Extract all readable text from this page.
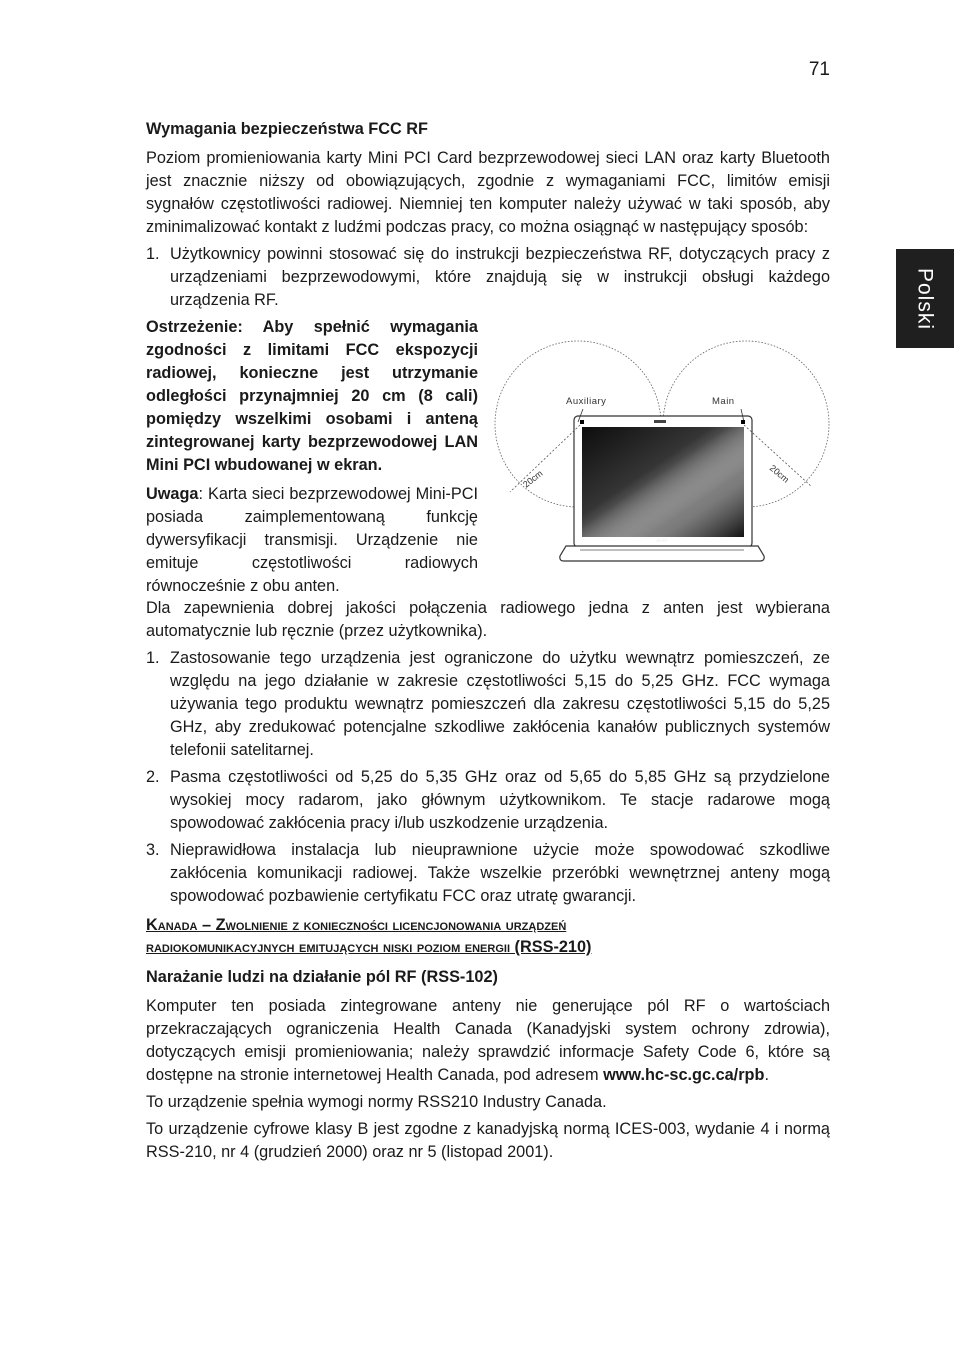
71
Polski

Wymagania bezpieczeństwa FCC RF

Poziom promieniowania karty Mini PCI Card bezprzewodowej sieci LAN oraz karty Bluetooth jest znacznie niższy od obowiązujących, zgodnie z wymaganiami FCC, limitów emisji sygnałów częstotliwości radiowej. Niemniej ten komputer należy używać w taki sposób, aby zminimalizować kontakt z ludźmi podczas pracy, co można osiągnąć w następujący sposób:

1. Użytkownicy powinni stosować się do instrukcji bezpieczeństwa RF, dotyczących pracy z urządzeniami bezprzewodowymi, które znajdują się w instrukcji obsługi każdego urządzenia RF.

Ostrzeżenie: Aby spełnić wymagania zgodności z limitami FCC ekspozycji radiowej, konieczne jest utrzymanie odległości przynajmniej 20 cm (8 cali) pomiędzy wszelkimi osobami i anteną zintegrowanej karty bezprzewodowej LAN Mini PCI wbudowanej w ekran.

Uwaga: Karta sieci bezprzewodowej Mini-PCI posiada zaimplementowaną funkcję dywersyfikacji transmisji. Urządzenie nie emituje częstotliwości radiowych równocześnie z obu anten.

acer
Auxiliary	Main
20cm	20cm

Dla zapewnienia dobrej jakości połączenia radiowego jedna z anten jest wybierana automatycznie lub ręcznie (przez użytkownika).

1. Zastosowanie tego urządzenia jest ograniczone do użytku wewnątrz pomieszczeń, ze względu na jego działanie w zakresie częstotliwości 5,15 do 5,25 GHz. FCC wymaga używania tego produktu wewnątrz pomieszczeń dla zakresu częstotliwości 5,15 do 5,25 GHz, aby zredukować potencjalne szkodliwe zakłócenia kanałów publicznych systemów telefonii satelitarnej.
2. Pasma częstotliwości od 5,25 do 5,35 GHz oraz od 5,65 do 5,85 GHz są przydzielone wysokiej mocy radarom, jako głównym użytkownikom. Te stacje radarowe mogą spowodować zakłócenia pracy i/lub uszkodzenie urządzenia.
3. Nieprawidłowa instalacja lub nieuprawnione użycie może spowodować szkodliwe zakłócenia komunikacji radiowej. Także wszelkie przeróbki wewnętrznej anteny mogą spowodować pozbawienie certyfikatu FCC oraz utratę gwarancji.
Kanada – Zwolnienie z konieczności licencjonowania urządzeń
radiokomunikacyjnych emitujących niski poziom energii (RSS-210)

Narażanie ludzi na działanie pól RF (RSS-102)

Komputer ten posiada zintegrowane anteny nie generujące pól RF o wartościach przekraczających ograniczenia Health Canada (Kanadyjski system ochrony zdrowia), dotyczących emisji promieniowania; należy sprawdzić informacje Safety Code 6, które są dostępne na stronie internetowej Health Canada, pod adresem www.hc-sc.gc.ca/rpb.

To urządzenie spełnia wymogi normy RSS210 Industry Canada.

To urządzenie cyfrowe klasy B jest zgodne z kanadyjską normą ICES-003, wydanie 4 i normą RSS-210, nr 4 (grudzień 2000) oraz nr 5 (listopad 2001).
